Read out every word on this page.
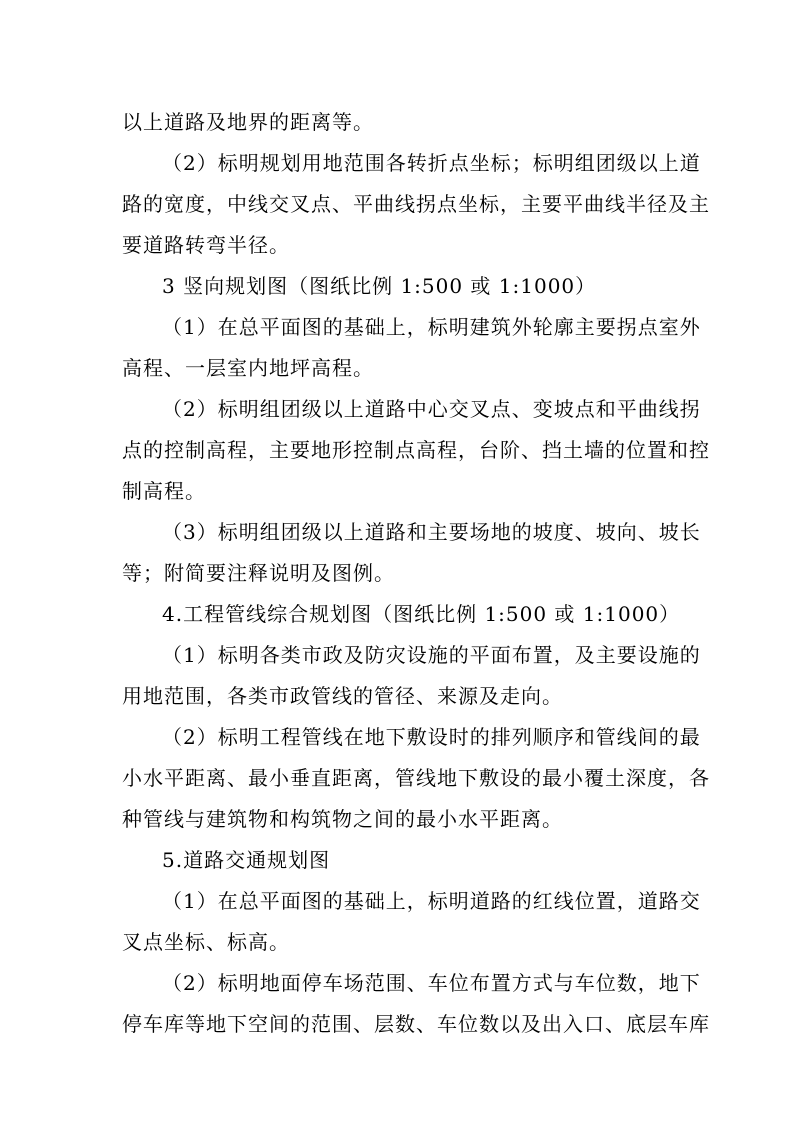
以上道路及地界的距离等。
（2）标明规划用地范围各转折点坐标；标明组团级以上道
路的宽度，中线交叉点、平曲线拐点坐标，主要平曲线半径及主
要道路转弯半径。
3 竖向规划图（图纸比例 1:500 或 1:1000）
（1）在总平面图的基础上，标明建筑外轮廓主要拐点室外
高程、一层室内地坪高程。
（2）标明组团级以上道路中心交叉点、变坡点和平曲线拐
点的控制高程，主要地形控制点高程，台阶、挡土墙的位置和控
制高程。
（3）标明组团级以上道路和主要场地的坡度、坡向、坡长
等；附简要注释说明及图例。
4.工程管线综合规划图（图纸比例 1:500 或 1:1000）
（1）标明各类市政及防灾设施的平面布置，及主要设施的
用地范围，各类市政管线的管径、来源及走向。
（2）标明工程管线在地下敷设时的排列顺序和管线间的最
小水平距离、最小垂直距离，管线地下敷设的最小覆土深度，各
种管线与建筑物和构筑物之间的最小水平距离。
5.道路交通规划图
（1）在总平面图的基础上，标明道路的红线位置，道路交
叉点坐标、标高。
（2）标明地面停车场范围、车位布置方式与车位数，地下
停车库等地下空间的范围、层数、车位数以及出入口、底层车库
